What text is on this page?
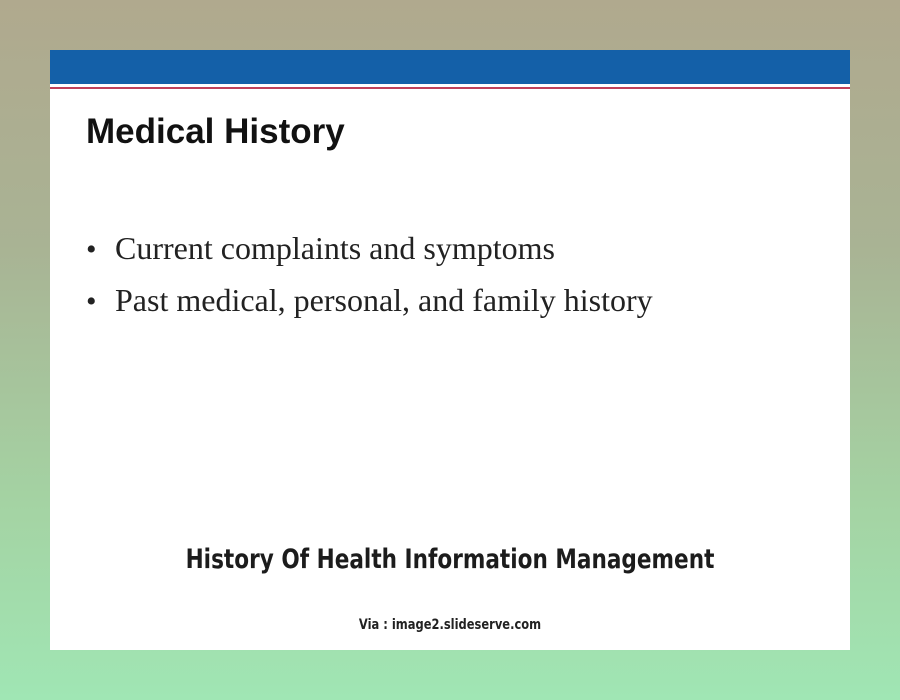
Medical History
• Current complaints and symptoms
• Past medical, personal, and family history
History Of Health Information Management
Via : image2.slideserve.com
